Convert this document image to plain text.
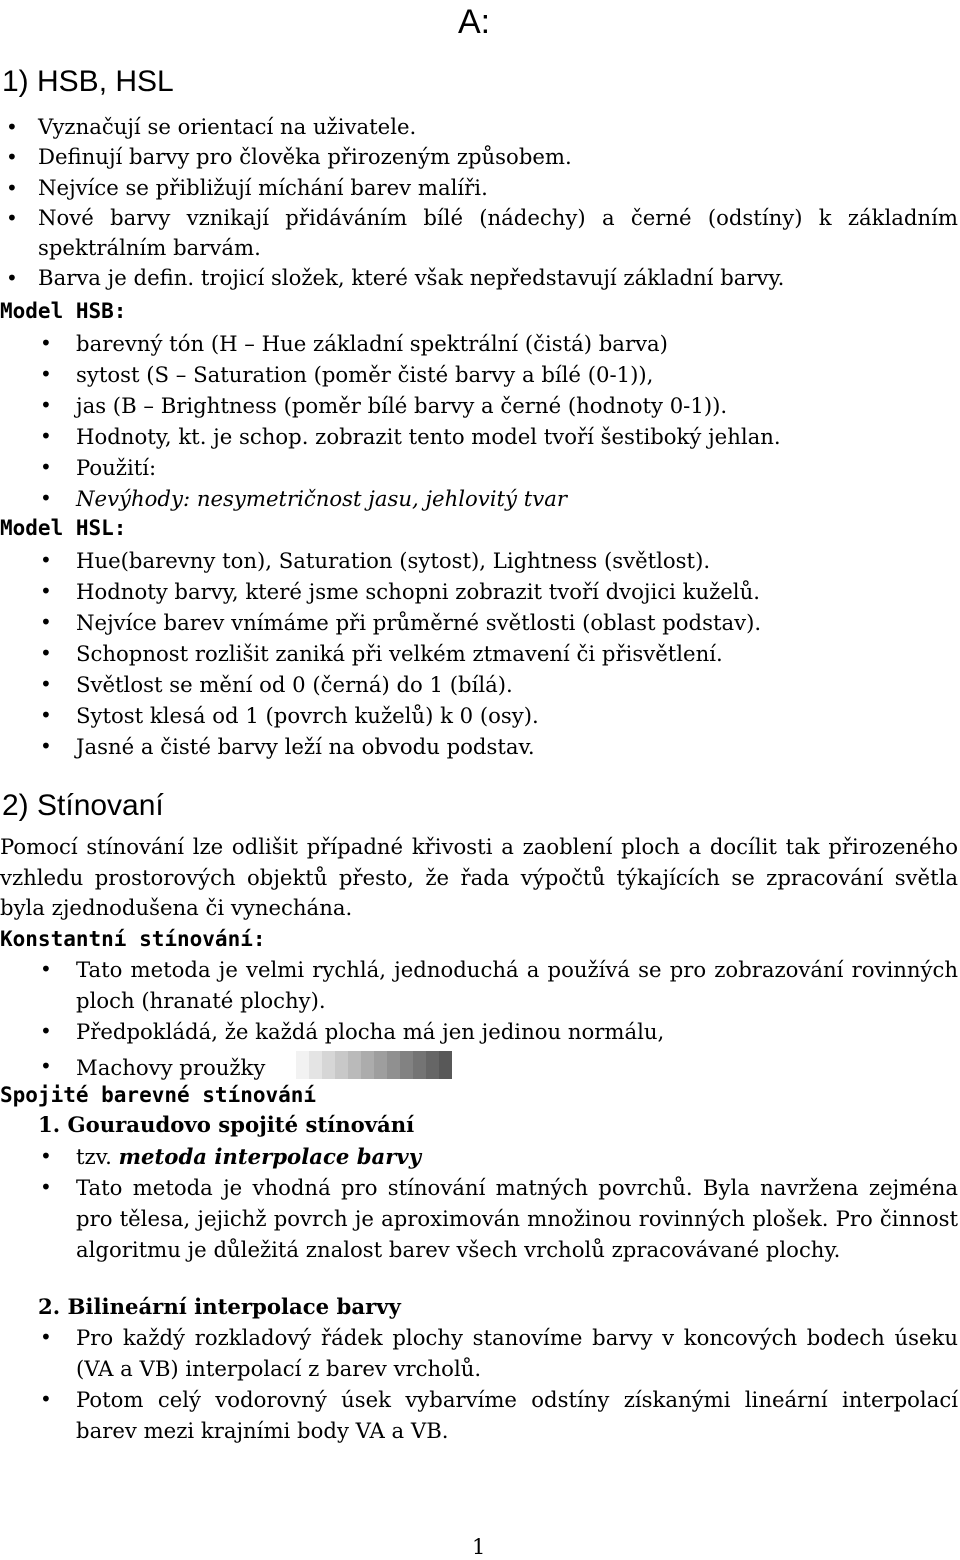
A:
1) HSB, HSL
• Vyznačují se orientací na uživatele.
• Definují barvy pro člověka přirozeným způsobem.
• Nejvíce se přibližují míchání barev malíři.
• Nové barvy vznikají přidáváním bílé (nádechy) a černé (odstíny) k základním spektrálním barvám.
• Barva je defin. trojicí složek, které však nepředstavují základní barvy.
Model HSB:
• barevný tón (H – Hue základní spektrální (čistá) barva)
• sytost (S – Saturation (poměr čisté barvy a bílé (0-1)),
• jas (B – Brightness (poměr bílé barvy a černé (hodnoty 0-1)).
• Hodnoty, kt. je schop. zobrazit tento model tvoří šestiboký jehlan.
• Použití:
• Nevýhody: nesymetričnost jasu, jehlovitý tvar
Model HSL:
• Hue(barevny ton), Saturation (sytost), Lightness (světlost).
• Hodnoty barvy, které jsme schopni zobrazit tvoří dvojici kuželů.
• Nejvíce barev vnímáme při průměrné světlosti (oblast podstav).
• Schopnost rozlišit zaniká při velkém ztmavení či přisvětlení.
• Světlost se mění od 0 (černá) do 1 (bílá).
• Sytost klesá od 1 (povrch kuželů) k 0 (osy).
• Jasné a čisté barvy leží na obvodu podstav.
2) Stínovaní
Pomocí stínování lze odlišit případné křivosti a zaoblení ploch a docílit tak přirozeného vzhledu prostorových objektů přesto, že řada výpočtů týkajících se zpracování světla byla zjednodušena či vynechána.
Konstantní stínování:
• Tato metoda je velmi rychlá, jednoduchá a používá se pro zobrazování rovinných ploch (hranaté plochy).
• Předpokládá, že každá plocha má jen jedinou normálu,
• Machovy proužky
Spojité barevné stínování
1. Gouraudovo spojité stínování
• tzv. metoda interpolace barvy
• Tato metoda je vhodná pro stínování matných povrchů. Byla navržena zejména pro tělesa, jejichž povrch je aproximován množinou rovinných plošek. Pro činnost algoritmu je důležitá znalost barev všech vrcholů zpracovávané plochy.
2. Bilineární interpolace barvy
• Pro každý rozkladový řádek plochy stanovíme barvy v koncových bodech úseku (VA a VB) interpolací z barev vrcholů.
• Potom celý vodorovný úsek vybarvíme odstíny získanými lineární interpolací barev mezi krajními body VA a VB.
1
